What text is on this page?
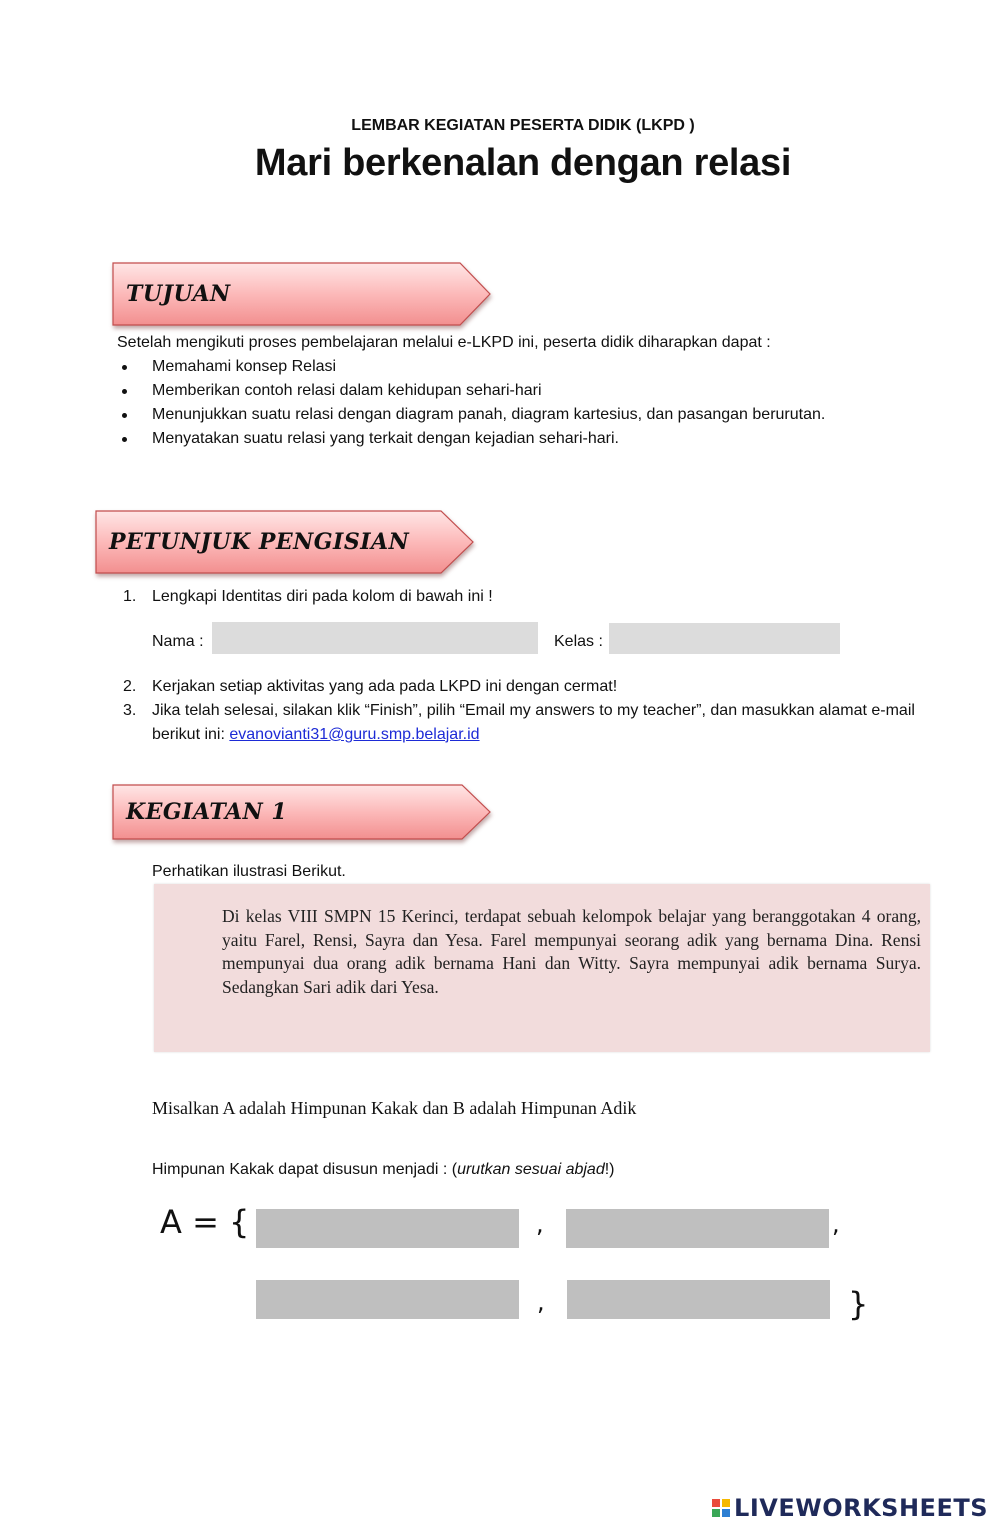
LEMBAR KEGIATAN PESERTA DIDIK (LKPD )
Mari berkenalan dengan relasi
TUJUAN
Setelah mengikuti proses pembelajaran melalui e-LKPD ini, peserta didik diharapkan dapat :
Memahami konsep Relasi
Memberikan contoh relasi dalam kehidupan sehari-hari
Menunjukkan suatu relasi dengan diagram panah, diagram kartesius, dan pasangan berurutan.
Menyatakan suatu relasi yang terkait dengan kejadian sehari-hari.
PETUNJUK PENGISIAN
1. Lengkapi Identitas diri pada kolom di bawah ini !
Nama :	Kelas :
2. Kerjakan setiap aktivitas yang ada pada LKPD ini dengan cermat!
3. Jika telah selesai, silakan klik “Finish”, pilih “Email my answers to my teacher”, dan masukkan alamat e-mail
berikut ini: evanovianti31@guru.smp.belajar.id
KEGIATAN 1
Perhatikan ilustrasi Berikut.

Di kelas VIII SMPN 15 Kerinci, terdapat sebuah kelompok belajar yang beranggotakan 4 orang, yaitu Farel, Rensi, Sayra dan Yesa. Farel mempunyai seorang adik yang bernama Dina. Rensi mempunyai dua orang adik bernama Hani dan Witty. Sayra mempunyai adik bernama Surya. Sedangkan Sari adik dari Yesa.

Misalkan A adalah Himpunan Kakak dan B adalah Himpunan Adik
Himpunan Kakak dapat disusun menjadi : (urutkan sesuai abjad!)
A = {	,	,
,	}
LIVEWORKSHEETS
